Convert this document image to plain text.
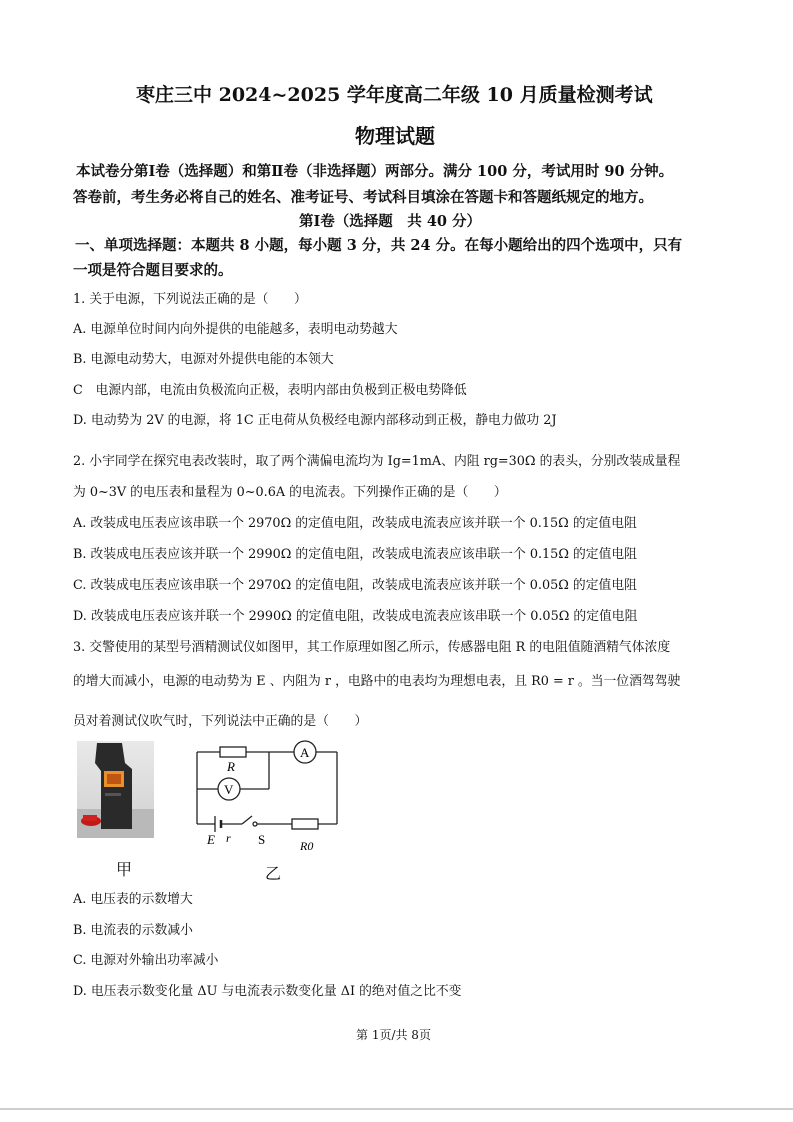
枣庄三中 2024~2025 学年度高二年级 10 月质量检测考试
物理试题
本试卷分第Ⅰ卷（选择题）和第Ⅱ卷（非选择题）两部分。满分 100 分，考试用时 90 分钟。
答卷前，考生务必将自己的姓名、准考证号、考试科目填涂在答题卡和答题纸规定的地方。
第Ⅰ卷（选择题　共 40 分）
一、单项选择题：本题共 8 小题，每小题 3 分，共 24 分。在每小题给出的四个选项中，只有
一项是符合题目要求的。
1. 关于电源，下列说法正确的是（　　）
A. 电源单位时间内向外提供的电能越多，表明电动势越大
B. 电源电动势大，电源对外提供电能的本领大
C　电源内部，电流由负极流向正极，表明内部由负极到正极电势降低
D. 电动势为 2V 的电源，将 1C 正电荷从负极经电源内部移动到正极，静电力做功 2J
2. 小宇同学在探究电表改装时，取了两个满偏电流均为 Ig=1mA、内阻 rg=30Ω 的表头，分别改装成量程
为 0~3V 的电压表和量程为 0~0.6A 的电流表。下列操作正确的是（　　）
A. 改装成电压表应该串联一个 2970Ω 的定值电阻，改装成电流表应该并联一个 0.15Ω 的定值电阻
B. 改装成电压表应该并联一个 2990Ω 的定值电阻，改装成电流表应该串联一个 0.15Ω 的定值电阻
C. 改装成电压表应该串联一个 2970Ω 的定值电阻，改装成电流表应该并联一个 0.05Ω 的定值电阻
D. 改装成电压表应该并联一个 2990Ω 的定值电阻，改装成电流表应该串联一个 0.05Ω 的定值电阻
3. 交警使用的某型号酒精测试仪如图甲，其工作原理如图乙所示，传感器电阻 R 的电阻值随酒精气体浓度
的增大而减小，电源的电动势为 E 、内阻为 r ，电路中的电表均为理想电表，且 R0 = r 。当一位酒驾驾驶
员对着测试仪吹气时，下列说法中正确的是（　　）
甲
R
A
V
E r S	R0
乙
A. 电压表的示数增大
B. 电流表的示数减小
C. 电源对外输出功率减小
D. 电压表示数变化量 ΔU 与电流表示数变化量 ΔI 的绝对值之比不变
第 1页/共 8页
